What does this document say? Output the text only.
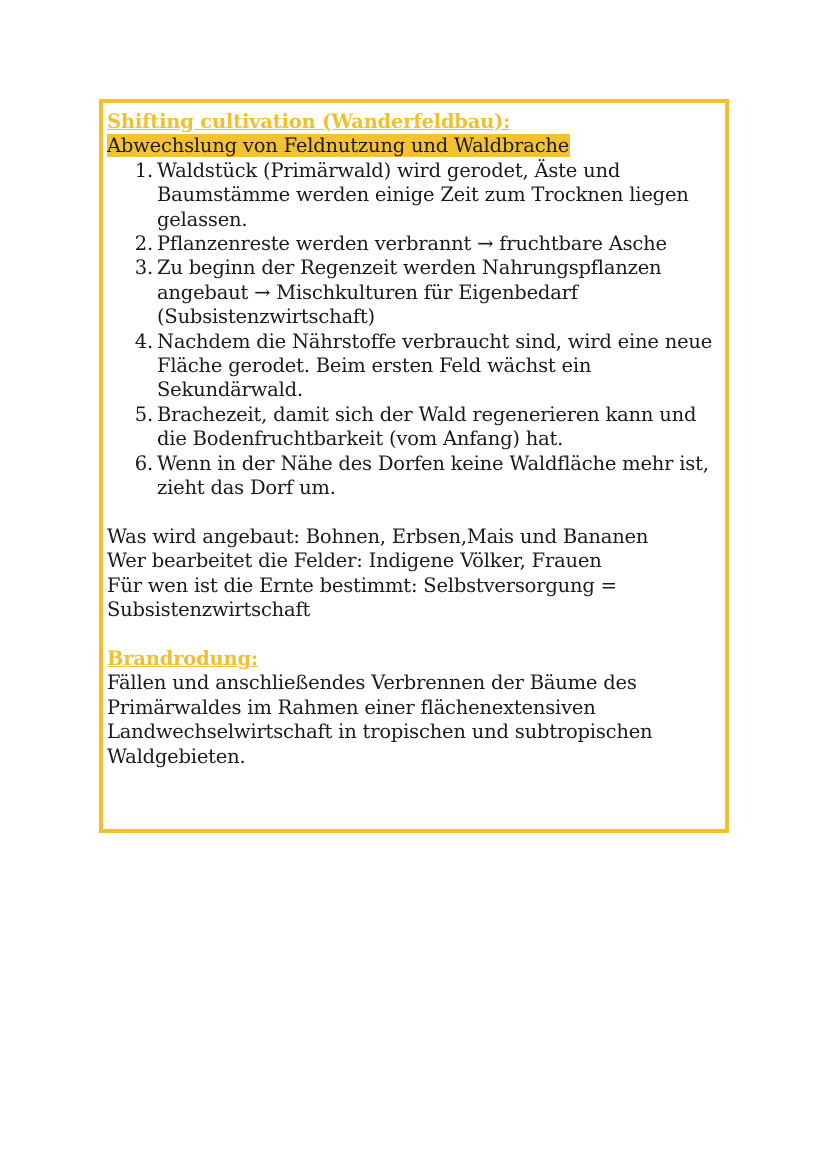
Shifting cultivation (Wanderfeldbau):

Abwechslung von Feldnutzung und Waldbrache

1. Waldstück (Primärwald) wird gerodet, Äste und Baumstämme werden einige Zeit zum Trocknen liegen gelassen.
2. Pflanzenreste werden verbrannt → fruchtbare Asche
3. Zu beginn der Regenzeit werden Nahrungspflanzen angebaut → Mischkulturen für Eigenbedarf (Subsistenzwirtschaft)
4. Nachdem die Nährstoffe verbraucht sind, wird eine neue Fläche gerodet. Beim ersten Feld wächst ein Sekundärwald.
5. Brachezeit, damit sich der Wald regenerieren kann und die Bodenfruchtbarkeit (vom Anfang) hat.
6. Wenn in der Nähe des Dorfen keine Waldfläche mehr ist, zieht das Dorf um.

Was wird angebaut: Bohnen, Erbsen,Mais und Bananen

Wer bearbeitet die Felder: Indigene Völker, Frauen

Für wen ist die Ernte bestimmt: Selbstversorgung =

Subsistenzwirtschaft

Brandrodung:

Fällen und anschließendes Verbrennen der Bäume des Primärwaldes im Rahmen einer flächenextensiven Landwechselwirtschaft in tropischen und subtropischen Waldgebieten.
